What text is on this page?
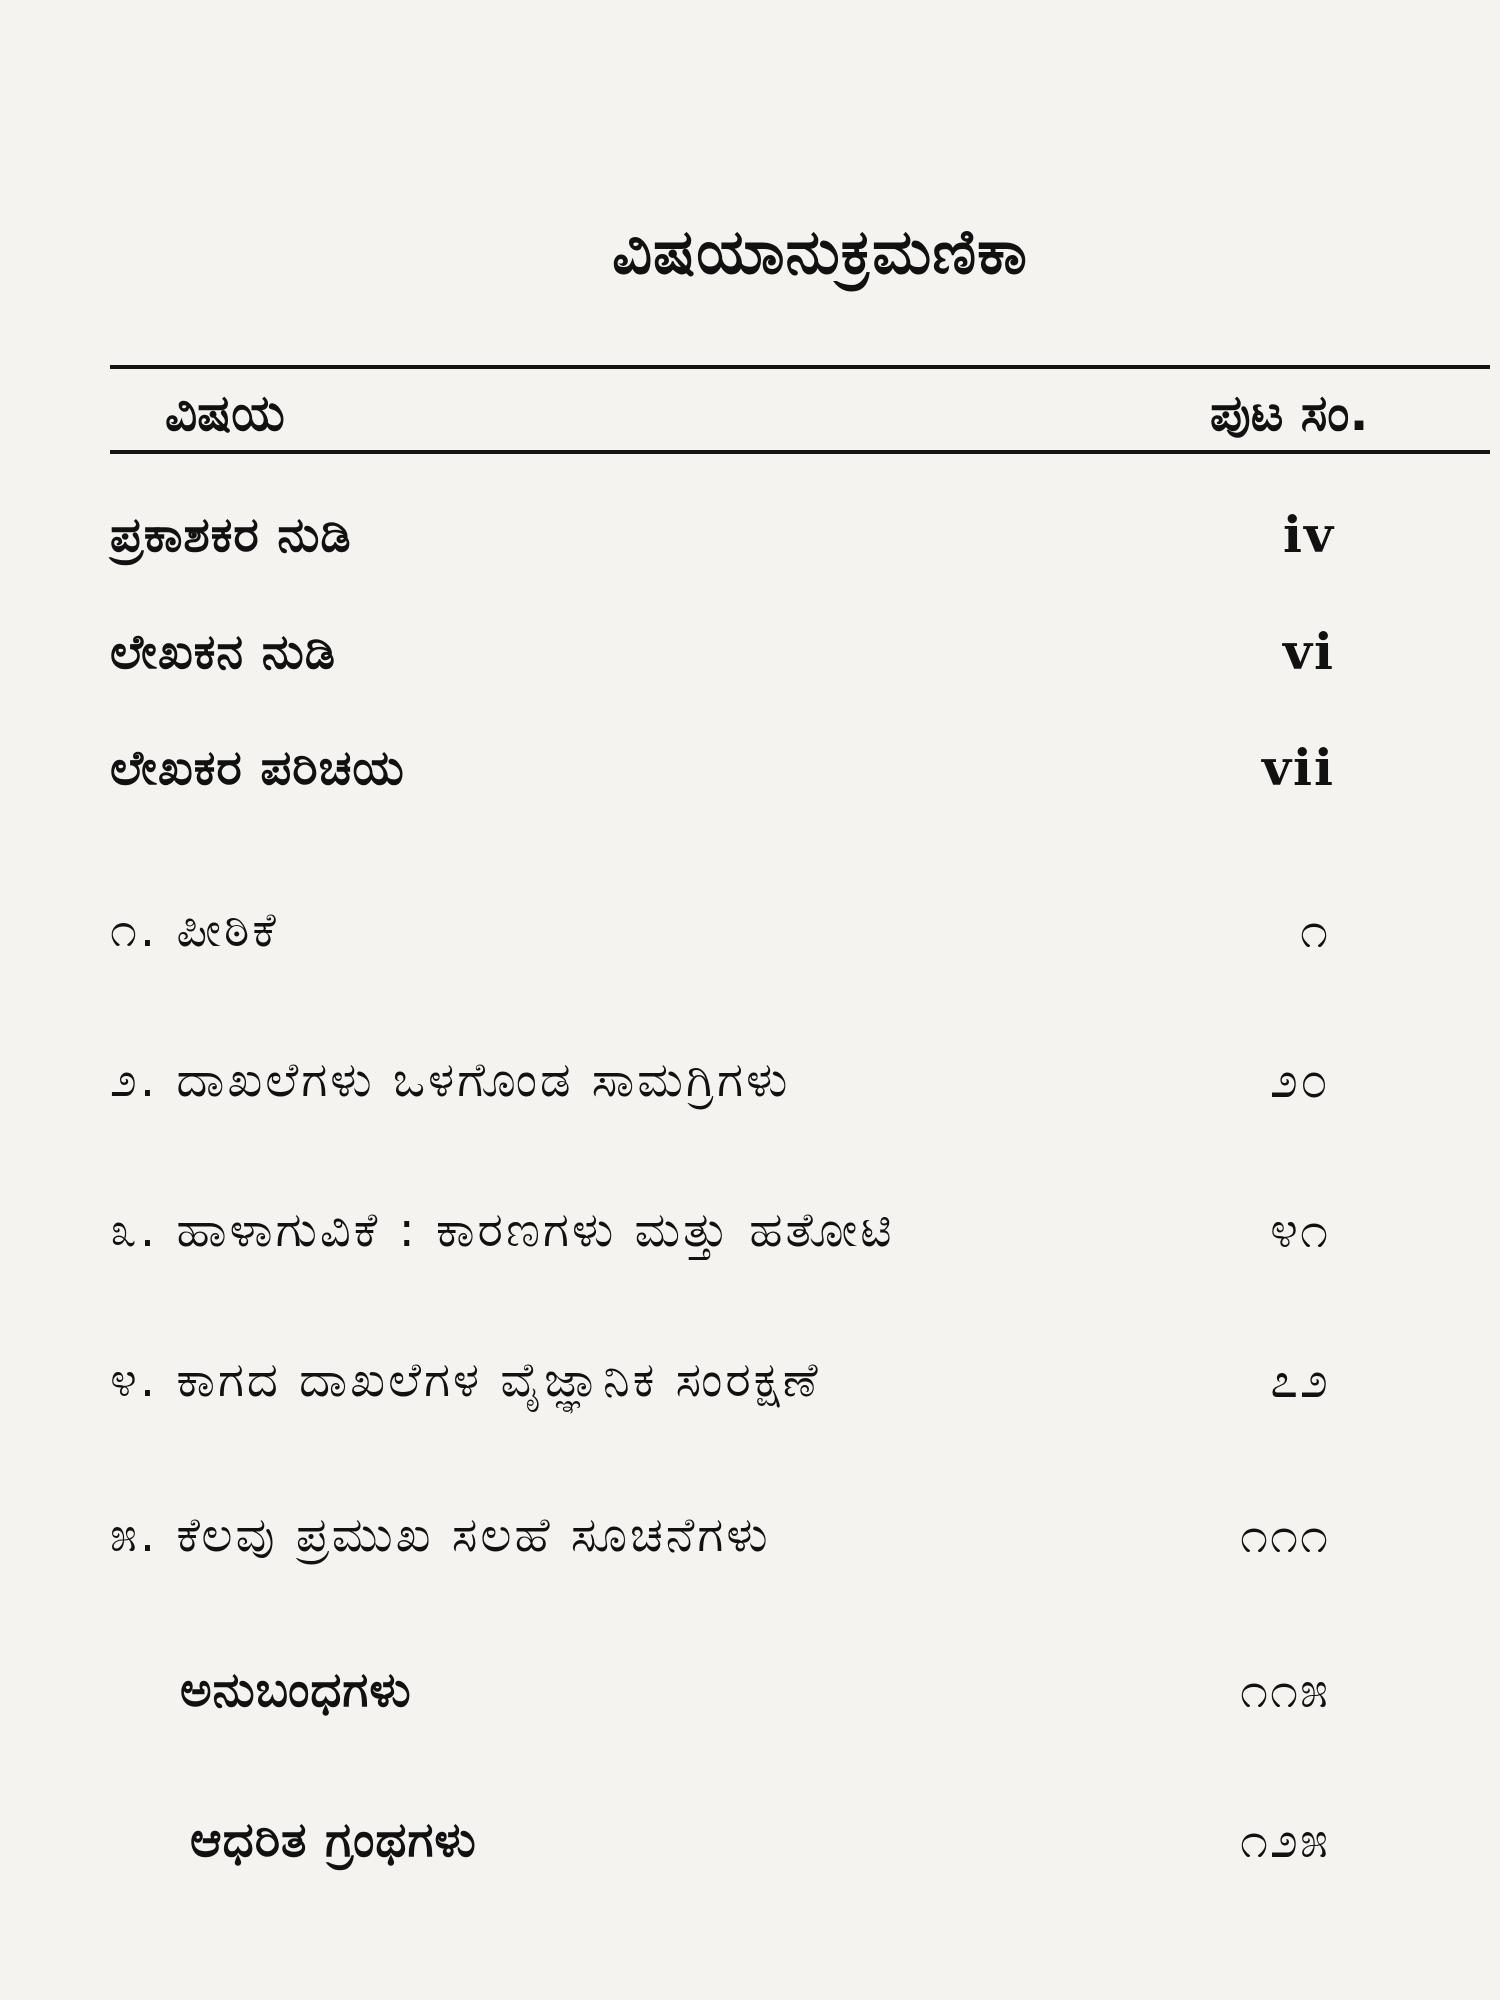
ವಿಷಯಾನುಕ್ರಮಣಿಕಾ
ವಿಷಯ	ಪುಟ ಸಂ.
ಪ್ರಕಾಶಕರ ನುಡಿ	iv
ಲೇಖಕನ ನುಡಿ	vi
ಲೇಖಕರ ಪರಿಚಯ	vii
೧. ಪೀಠಿಕೆ	೧
೨. ದಾಖಲೆಗಳು ಒಳಗೊಂಡ ಸಾಮಗ್ರಿಗಳು	೨೦
೩. ಹಾಳಾಗುವಿಕೆ : ಕಾರಣಗಳು ಮತ್ತು ಹತೋಟಿ	೪೧
೪. ಕಾಗದ ದಾಖಲೆಗಳ ವೈಜ್ಞಾನಿಕ ಸಂರಕ್ಷಣೆ	೭೨
೫. ಕೆಲವು ಪ್ರಮುಖ ಸಲಹೆ ಸೂಚನೆಗಳು	೧೧೧
ಅನುಬಂಧಗಳು	೧೧೫
ಆಧರಿತ ಗ್ರಂಥಗಳು	೧೨೫
